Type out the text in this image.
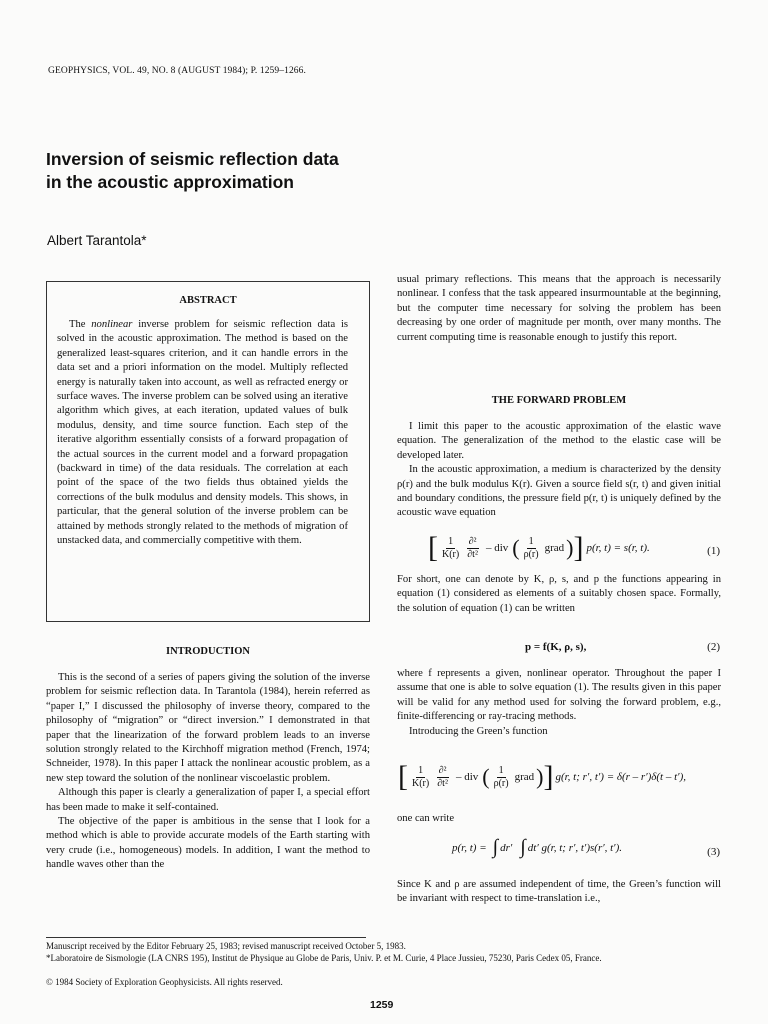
GEOPHYSICS, VOL. 49, NO. 8 (AUGUST 1984); P. 1259–1266.
Inversion of seismic reflection data
in the acoustic approximation
Albert Tarantola*
ABSTRACT

The nonlinear inverse problem for seismic reflection data is solved in the acoustic approximation. The method is based on the generalized least-squares criterion, and it can handle errors in the data set and a priori information on the model. Multiply reflected energy is naturally taken into account, as well as refracted energy or surface waves. The inverse problem can be solved using an iterative algorithm which gives, at each iteration, updated values of bulk modulus, density, and time source function. Each step of the iterative algorithm essentially consists of a forward propagation of the actual sources in the current model and a forward propagation (backward in time) of the data residuals. The correlation at each point of the space of the two fields thus obtained yields the corrections of the bulk modulus and density models. This shows, in particular, that the general solution of the inverse problem can be attained by methods strongly related to the methods of migration of unstacked data, and commercially competitive with them.

INTRODUCTION

This is the second of a series of papers giving the solution of the inverse problem for seismic reflection data. In Tarantola (1984), herein referred as “paper I,” I discussed the philosophy of inverse theory, compared to the philosophy of “migration” or “direct inversion.” I demonstrated in that paper that the linearization of the forward problem leads to an inverse solution strongly related to the Kirchhoff migration method (French, 1974; Schneider, 1978). In this paper I attack the nonlinear acoustic problem, as a new step toward the solution of the nonlinear viscoelastic problem.

Although this paper is clearly a generalization of paper I, a special effort has been made to make it self-contained.

The objective of the paper is ambitious in the sense that I look for a method which is able to provide accurate models of the Earth starting with very crude (i.e., homogeneous) models. In addition, I want the method to handle waves other than the

usual primary reflections. This means that the approach is necessarily nonlinear. I confess that the task appeared insurmountable at the beginning, but the computer time necessary for solving the problem has been decreasing by one order of magnitude per month, over many months. The current computing time is reasonable enough to justify this report.

THE FORWARD PROBLEM

I limit this paper to the acoustic approximation of the elastic wave equation. The generalization of the method to the elastic case will be developed later.

In the acoustic approximation, a medium is characterized by the density ρ(r) and the bulk modulus K(r). Given a source field s(r, t) and given initial and boundary conditions, the pressure field p(r, t) is uniquely defined by the acoustic wave equation

[ $\frac{1}{K(r)} \frac{\text{∂²}}{\text{∂t²}}$ – div ( $\frac{1}{\rho(r)}$ grad ) ] p(r, t) = s(r, t).	(1)

For short, one can denote by K, ρ, s, and p the functions appearing in equation (1) considered as elements of a suitably chosen space. Formally, the solution of equation (1) can be written

p = f(K, ρ, s),	(2)

where f represents a given, nonlinear operator. Throughout the paper I assume that one is able to solve equation (1). The results given in this paper will be valid for any method used for solving the forward problem, e.g., finite-differencing or ray-tracing methods.

Introducing the Green’s function

[ $\frac{1}{K(r)} \frac{\text{∂²}}{\text{∂t²}}$ – div ( $\frac{1}{\rho(r)}$ grad ) ] g(r, t; r′, t′) = δ(r – r′)δ(t – t′),

one can write

p(r, t) = ∫ dr′ ∫ dt′ g(r, t; r′, t′)s(r′, t′).	(3)

Since K and ρ are assumed independent of time, the Green’s function will be invariant with respect to time-translation i.e.,

Manuscript received by the Editor February 25, 1983; revised manuscript received October 5, 1983.

*Laboratoire de Sismologie (LA CNRS 195), Institut de Physique au Globe de Paris, Univ. P. et M. Curie, 4 Place Jussieu, 75230, Paris Cedex 05, France.

© 1984 Society of Exploration Geophysicists. All rights reserved.

1259
